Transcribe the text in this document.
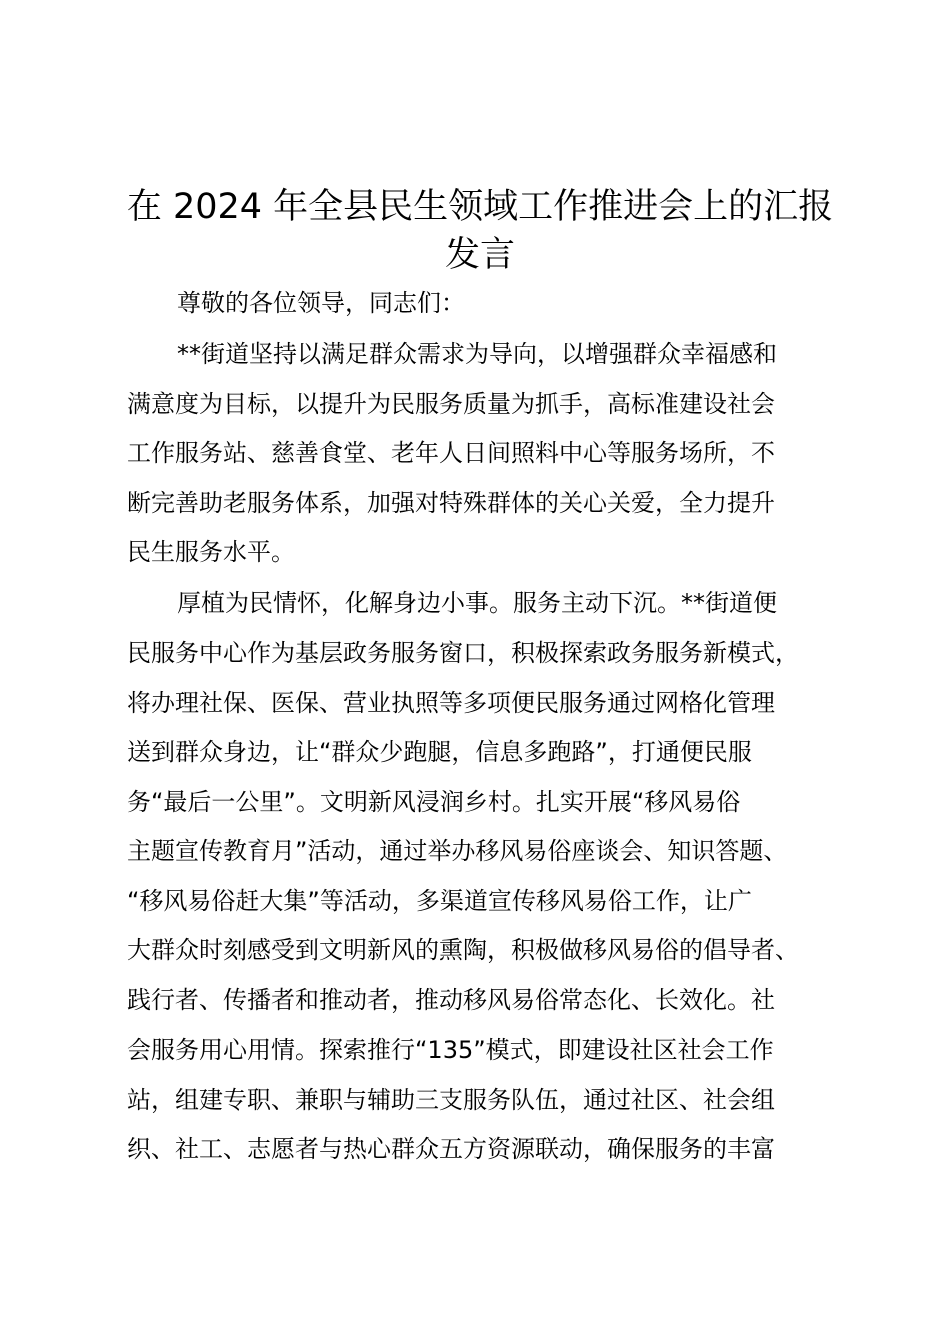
在 2024 年全县民生领域工作推进会上的汇报
发言

尊敬的各位领导，同志们：

**街道坚持以满足群众需求为导向，以增强群众幸福感和

满意度为目标，以提升为民服务质量为抓手，高标准建设社会

工作服务站、慈善食堂、老年人日间照料中心等服务场所，不

断完善助老服务体系，加强对特殊群体的关心关爱，全力提升

民生服务水平。

厚植为民情怀，化解身边小事。服务主动下沉。**街道便

民服务中心作为基层政务服务窗口，积极探索政务服务新模式，

将办理社保、医保、营业执照等多项便民服务通过网格化管理

送到群众身边，让“群众少跑腿，信息多跑路”，打通便民服

务“最后一公里”。文明新风浸润乡村。扎实开展“移风易俗

主题宣传教育月”活动，通过举办移风易俗座谈会、知识答题、

“移风易俗赶大集”等活动，多渠道宣传移风易俗工作，让广

大群众时刻感受到文明新风的熏陶，积极做移风易俗的倡导者、

践行者、传播者和推动者，推动移风易俗常态化、长效化。社

会服务用心用情。探索推行“135”模式，即建设社区社会工作

站，组建专职、兼职与辅助三支服务队伍，通过社区、社会组

织、社工、志愿者与热心群众五方资源联动，确保服务的丰富
